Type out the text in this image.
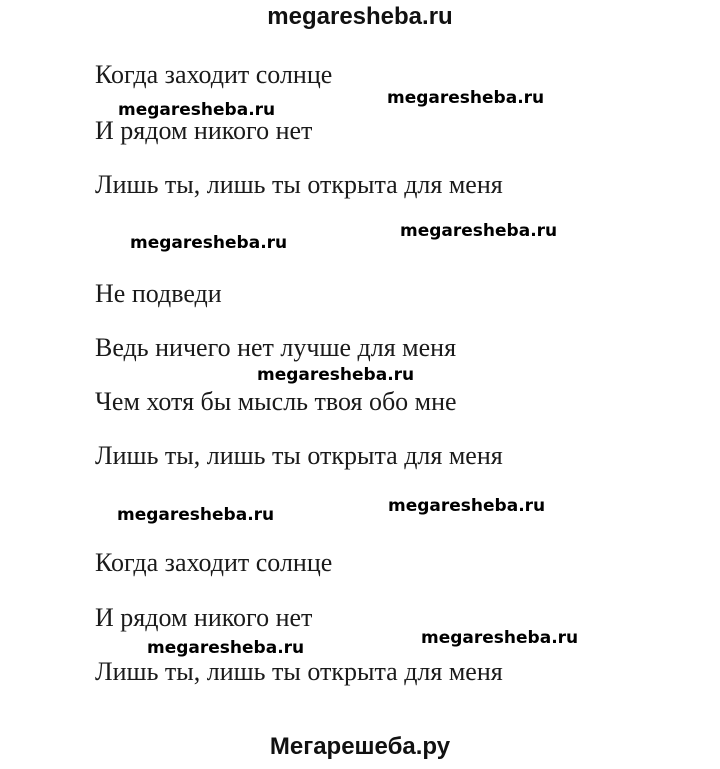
megaresheba.ru
Когда заходит солнце
И рядом никого нет
Лишь ты, лишь ты открыта для меня
Не подведи
Ведь ничего нет лучше для меня
Чем хотя бы мысль твоя обо мне
Лишь ты, лишь ты открыта для меня
Когда заходит солнце
И рядом никого нет
Лишь ты, лишь ты открыта для меня
megaresheba.ru
megaresheba.ru
megaresheba.ru
megaresheba.ru
megaresheba.ru
megaresheba.ru	megaresheba.ru
megaresheba.ru	megaresheba.ru
Мегарешеба.ру
